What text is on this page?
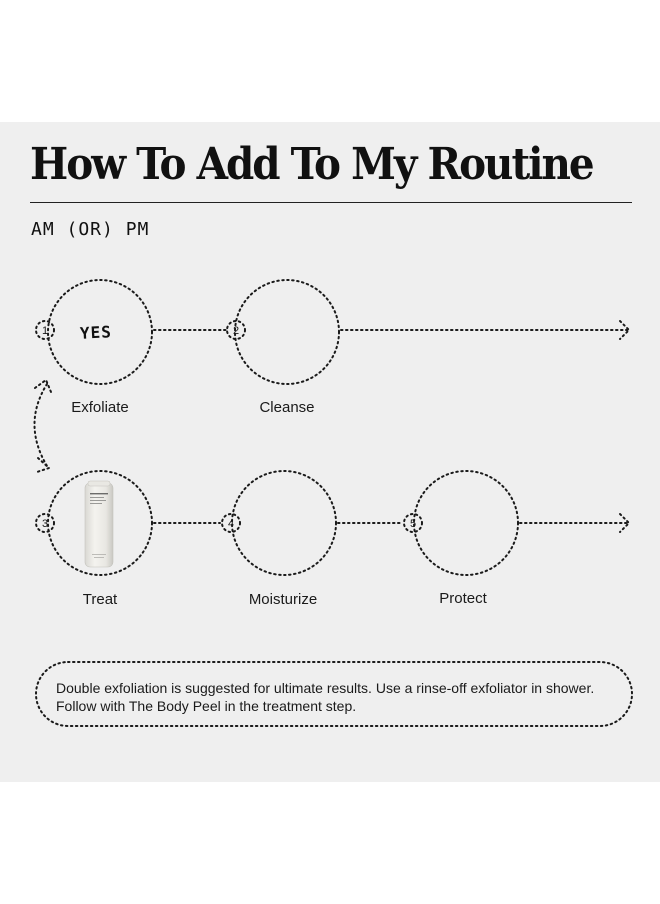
How To Add To My Routine
AM (OR) PM
1	2
3	4	5
YES
Exfoliate	Cleanse
Treat	Moisturize	Protect
Double exfoliation is suggested for ultimate results. Use a rinse-off exfoliator in shower.
Follow with The Body Peel in the treatment step.
